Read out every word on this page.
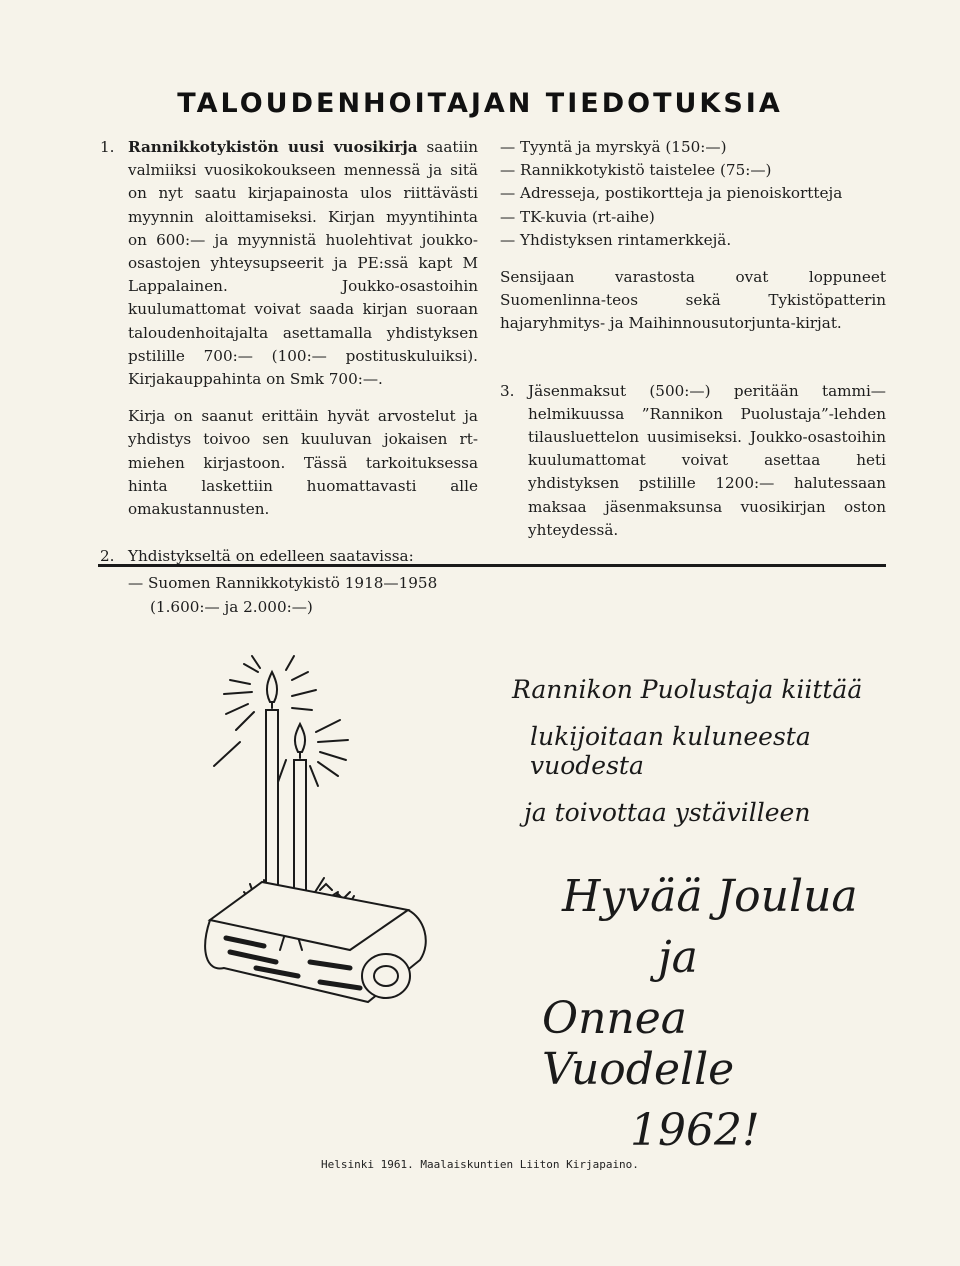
TALOUDENHOITAJAN TIEDOTUKSIA
1. Rannikkotykistön uusi vuosikirja saatiin valmiiksi vuosikokoukseen mennessä ja sitä on nyt saatu kirjapainosta ulos riittävästi myynnin aloittamiseksi. Kirjan myyntihinta on 600:— ja myynnistä huolehtivat joukko-osastojen yhteysupseerit ja PE:ssä kapt M Lappalainen. Joukko-osastoihin kuulumattomat voivat saada kirjan suoraan taloudenhoitajalta asettamalla yhdistyksen pstilille 700:— (100:— postituskuluiksi). Kirjakauppahinta on Smk 700:—.

Kirja on saanut erittäin hyvät arvostelut ja yhdistys toivoo sen kuuluvan jokaisen rt-miehen kirjastoon. Tässä tarkoituksessa hinta laskettiin huomattavasti alle omakustannusten.

2. Yhdistykseltä on edelleen saatavissa:

— Suomen Rannikkotykistö 1918—1958 (1.600:— ja 2.000:—)
— Tyyntä ja myrskyä (150:—)
— Rannikkotykistö taistelee (75:—)
— Adresseja, postikortteja ja pienoiskortteja
— TK-kuvia (rt-aihe)
— Yhdistyksen rintamerkkejä.

Sensijaan varastosta ovat loppuneet Suomenlinna-teos sekä Tykistöpatterin hajaryhmitys- ja Maihinnousutorjunta-kirjat.

3. Jäsenmaksut (500:—) peritään tammi—helmikuussa ”Rannikon Puolustaja”-lehden tilausluettelon uusimiseksi. Joukko-osastoihin kuulumattomat voivat asettaa heti yhdistyksen pstilille 1200:— halutessaan maksaa jäsenmaksunsa vuosikirjan oston yhteydessä.

Rannikon Puolustaja kiittää
lukijoitaan kuluneesta vuodesta
ja toivottaa ystävilleen
Hyvää Joulua
ja
Onnea Vuodelle
1962!
Helsinki 1961. Maalaiskuntien Liiton Kirjapaino.
